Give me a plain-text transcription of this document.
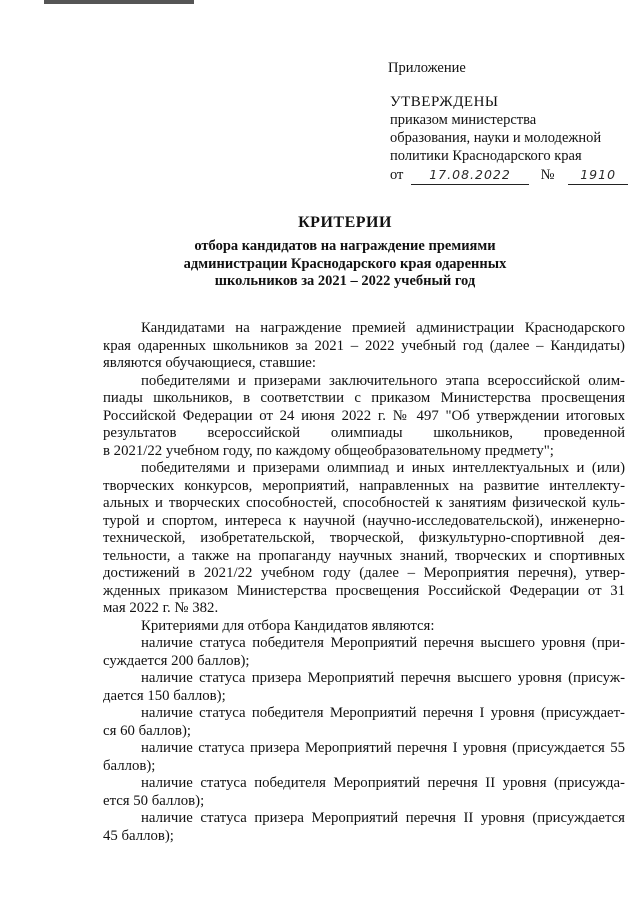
Приложение
УТВЕРЖДЕНЫ
приказом министерства
образования, науки и молодежной
политики Краснодарского края
от 17.08.2022 № 1910
КРИТЕРИИ
отбора кандидатов на награждение премиями
администрации Краснодарского края одаренных
школьников за 2021 – 2022 учебный год

Кандидатами на награждение премией администрации Краснодарского

края одаренных школьников за 2021 – 2022 учебный год (далее – Кандидаты)

являются обучающиеся, ставшие:

победителями и призерами заключительного этапа всероссийской олим-

пиады школьников, в соответствии с приказом Министерства просвещения

Российской Федерации от 24 июня 2022 г. № 497 "Об утверждении итоговых

результатов всероссийской олимпиады школьников, проведенной

в 2021/22 учебном году, по каждому общеобразовательному предмету";

победителями и призерами олимпиад и иных интеллектуальных и (или)

творческих конкурсов, мероприятий, направленных на развитие интеллекту-

альных и творческих способностей, способностей к занятиям физической куль-

турой и спортом, интереса к научной (научно-исследовательской), инженерно-

технической, изобретательской, творческой, физкультурно-спортивной дея-

тельности, а также на пропаганду научных знаний, творческих и спортивных

достижений в 2021/22 учебном году (далее – Мероприятия перечня), утвер-

жденных приказом Министерства просвещения Российской Федерации от 31

мая 2022 г. № 382.

Критериями для отбора Кандидатов являются:

наличие статуса победителя Мероприятий перечня высшего уровня (при-

суждается 200 баллов);

наличие статуса призера Мероприятий перечня высшего уровня (присуж-

дается 150 баллов);

наличие статуса победителя Мероприятий перечня I уровня (присуждает-

ся 60 баллов);

наличие статуса призера Мероприятий перечня I уровня (присуждается 55

баллов);

наличие статуса победителя Мероприятий перечня II уровня (присужда-

ется 50 баллов);

наличие статуса призера Мероприятий перечня II уровня (присуждается

45 баллов);
